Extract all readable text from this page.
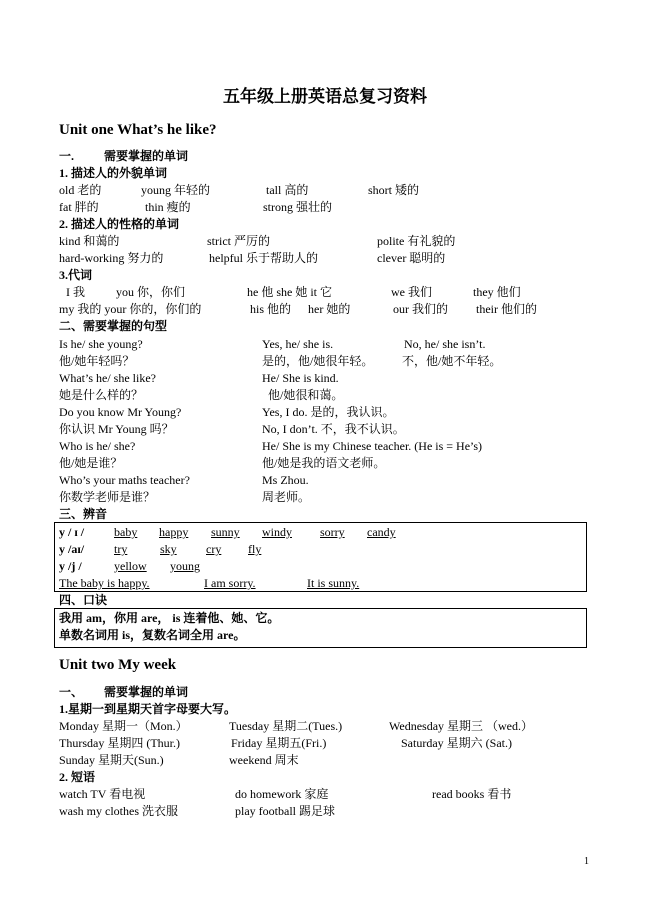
五年级上册英语总复习资料
Unit one What’s he like?
一. 需要掌握的单词
1. 描述人的外貌单词
old 老的	young 年轻的	tall 高的	short 矮的
fat 胖的	thin 瘦的	strong 强壮的
2. 描述人的性格的单词
kind 和蔼的	strict 严厉的	polite 有礼貌的
hard-working 努力的	helpful 乐于帮助人的	clever 聪明的
3.代词
I 我	you 你，你们	he 他 she 她 it 它	we 我们	they 他们
my 我的 your 你的，你们的	his 他的 her 她的	our 我们的 their 他们的
二、需要掌握的句型
Is he/ she young?	Yes, he/ she is.	No, he/ she isn’t.
他/她年轻吗？	是的，他/她很年轻。 不，他/她不年轻。
What’s he/ she like?	He/ She is kind.
她是什么样的？	他/她很和蔼。
Do you know Mr Young?	Yes, I do. 是的，我认识。
你认识 Mr Young 吗？	No, I don’t. 不，我不认识。
Who is he/ she?	He/ She is my Chinese teacher. (He is = He’s)
他/她是谁？	他/她是我的语文老师。
Who’s your maths teacher?	Ms Zhou.
你数学老师是谁？	周老师。
三、辨音
y / ɪ / baby happy sunny windy sorry candy
y /aɪ/ try	sky cry fly
y /j /	yellow young
The baby is happy.	I am sorry.	It is sunny.
四、口诀
我用 am，你用 are， is 连着他、她、它。
单数名词用 is，复数名词全用 are。
Unit two My week
一、 需要掌握的单词
1.星期一到星期天首字母要大写。
Monday 星期一（Mon.）	Tuesday 星期二(Tues.)	Wednesday 星期三 （wed.）
Thursday 星期四 (Thur.)	Friday 星期五(Fri.)	Saturday 星期六 (Sat.)
Sunday 星期天(Sun.)	weekend 周末
2. 短语
watch TV 看电视	do homework 家庭	read books 看书
wash my clothes 洗衣服	play football 踢足球
1
